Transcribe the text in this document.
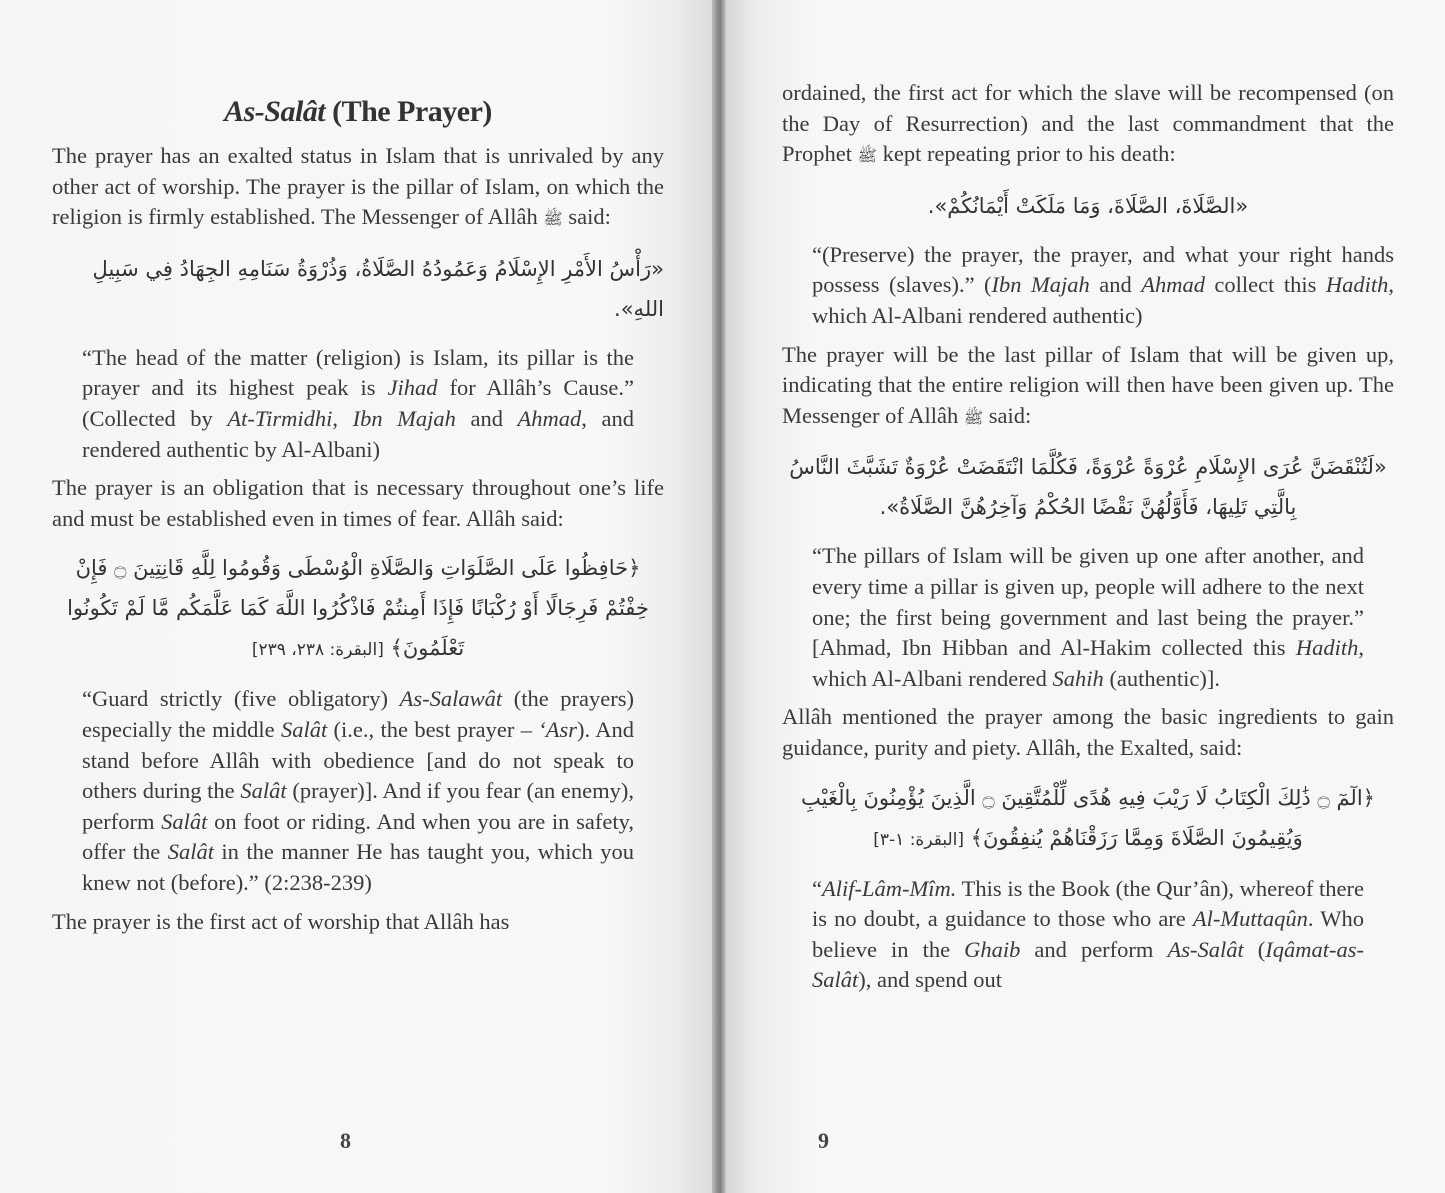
As-Salât (The Prayer)

The prayer has an exalted status in Islam that is unrivaled by any other act of worship. The prayer is the pillar of Islam, on which the religion is firmly established. The Messenger of Allâh ﷺ said:

«رَأْسُ الأَمْرِ الإِسْلَامُ وَعَمُودُهُ الصَّلَاةُ، وَذُرْوَةُ سَنَامِهِ الجِهَادُ فِي سَبِيلِ اللهِ».

“The head of the matter (religion) is Islam, its pillar is the prayer and its highest peak is Jihad for Allâh’s Cause.” (Collected by At-Tirmidhi, Ibn Majah and Ahmad, and rendered authentic by Al-Albani)

The prayer is an obligation that is necessary throughout one’s life and must be established even in times of fear. Allâh said:

﴿حَافِظُوا عَلَى الصَّلَوَاتِ وَالصَّلَاةِ الْوُسْطَى وَقُومُوا لِلَّهِ قَانِتِينَ ۝ فَإِنْ خِفْتُمْ فَرِجَالًا أَوْ رُكْبَانًا فَإِذَا أَمِنتُمْ فَاذْكُرُوا اللَّهَ كَمَا عَلَّمَكُم مَّا لَمْ تَكُونُوا تَعْلَمُونَ﴾ [البقرة: ٢٣٨، ٢٣٩]

“Guard strictly (five obligatory) As-Salawât (the prayers) especially the middle Salât (i.e., the best prayer – ‘Asr). And stand before Allâh with obedience [and do not speak to others during the Salât (prayer)]. And if you fear (an enemy), perform Salât on foot or riding. And when you are in safety, offer the Salât in the manner He has taught you, which you knew not (before).” (2:238-239)

The prayer is the first act of worship that Allâh has

8

ordained, the first act for which the slave will be recompensed (on the Day of Resurrection) and the last commandment that the Prophet ﷺ kept repeating prior to his death:

«الصَّلَاةَ، الصَّلَاةَ، وَمَا مَلَكَتْ أَيْمَانُكُمْ».

“(Preserve) the prayer, the prayer, and what your right hands possess (slaves).” (Ibn Majah and Ahmad collect this Hadith, which Al-Albani rendered authentic)

The prayer will be the last pillar of Islam that will be given up, indicating that the entire religion will then have been given up. The Messenger of Allâh ﷺ said:

«لَتُنْقَضَنَّ عُرَى الإِسْلَامِ عُرْوَةً عُرْوَةً، فَكُلَّمَا انْتَقَضَتْ عُرْوَةٌ تَشَبَّثَ النَّاسُ بِالَّتِي تَلِيهَا، فَأَوَّلُهُنَّ نَقْضًا الحُكْمُ وَآخِرُهُنَّ الصَّلَاةُ».

“The pillars of Islam will be given up one after another, and every time a pillar is given up, people will adhere to the next one; the first being government and last being the prayer.” [Ahmad, Ibn Hibban and Al-Hakim collected this Hadith, which Al-Albani rendered Sahih (authentic)].

Allâh mentioned the prayer among the basic ingredients to gain guidance, purity and piety. Allâh, the Exalted, said:

﴿الٓمٓ ۝ ذَٰلِكَ الْكِتَابُ لَا رَيْبَ فِيهِ هُدًى لِّلْمُتَّقِينَ ۝ الَّذِينَ يُؤْمِنُونَ بِالْغَيْبِ وَيُقِيمُونَ الصَّلَاةَ وَمِمَّا رَزَقْنَاهُمْ يُنفِقُونَ﴾ [البقرة: ١-٣]

“Alif-Lâm-Mîm. This is the Book (the Qur’ân), whereof there is no doubt, a guidance to those who are Al-Muttaqûn. Who believe in the Ghaib and perform As-Salât (Iqâmat-as-Salât), and spend out

9
